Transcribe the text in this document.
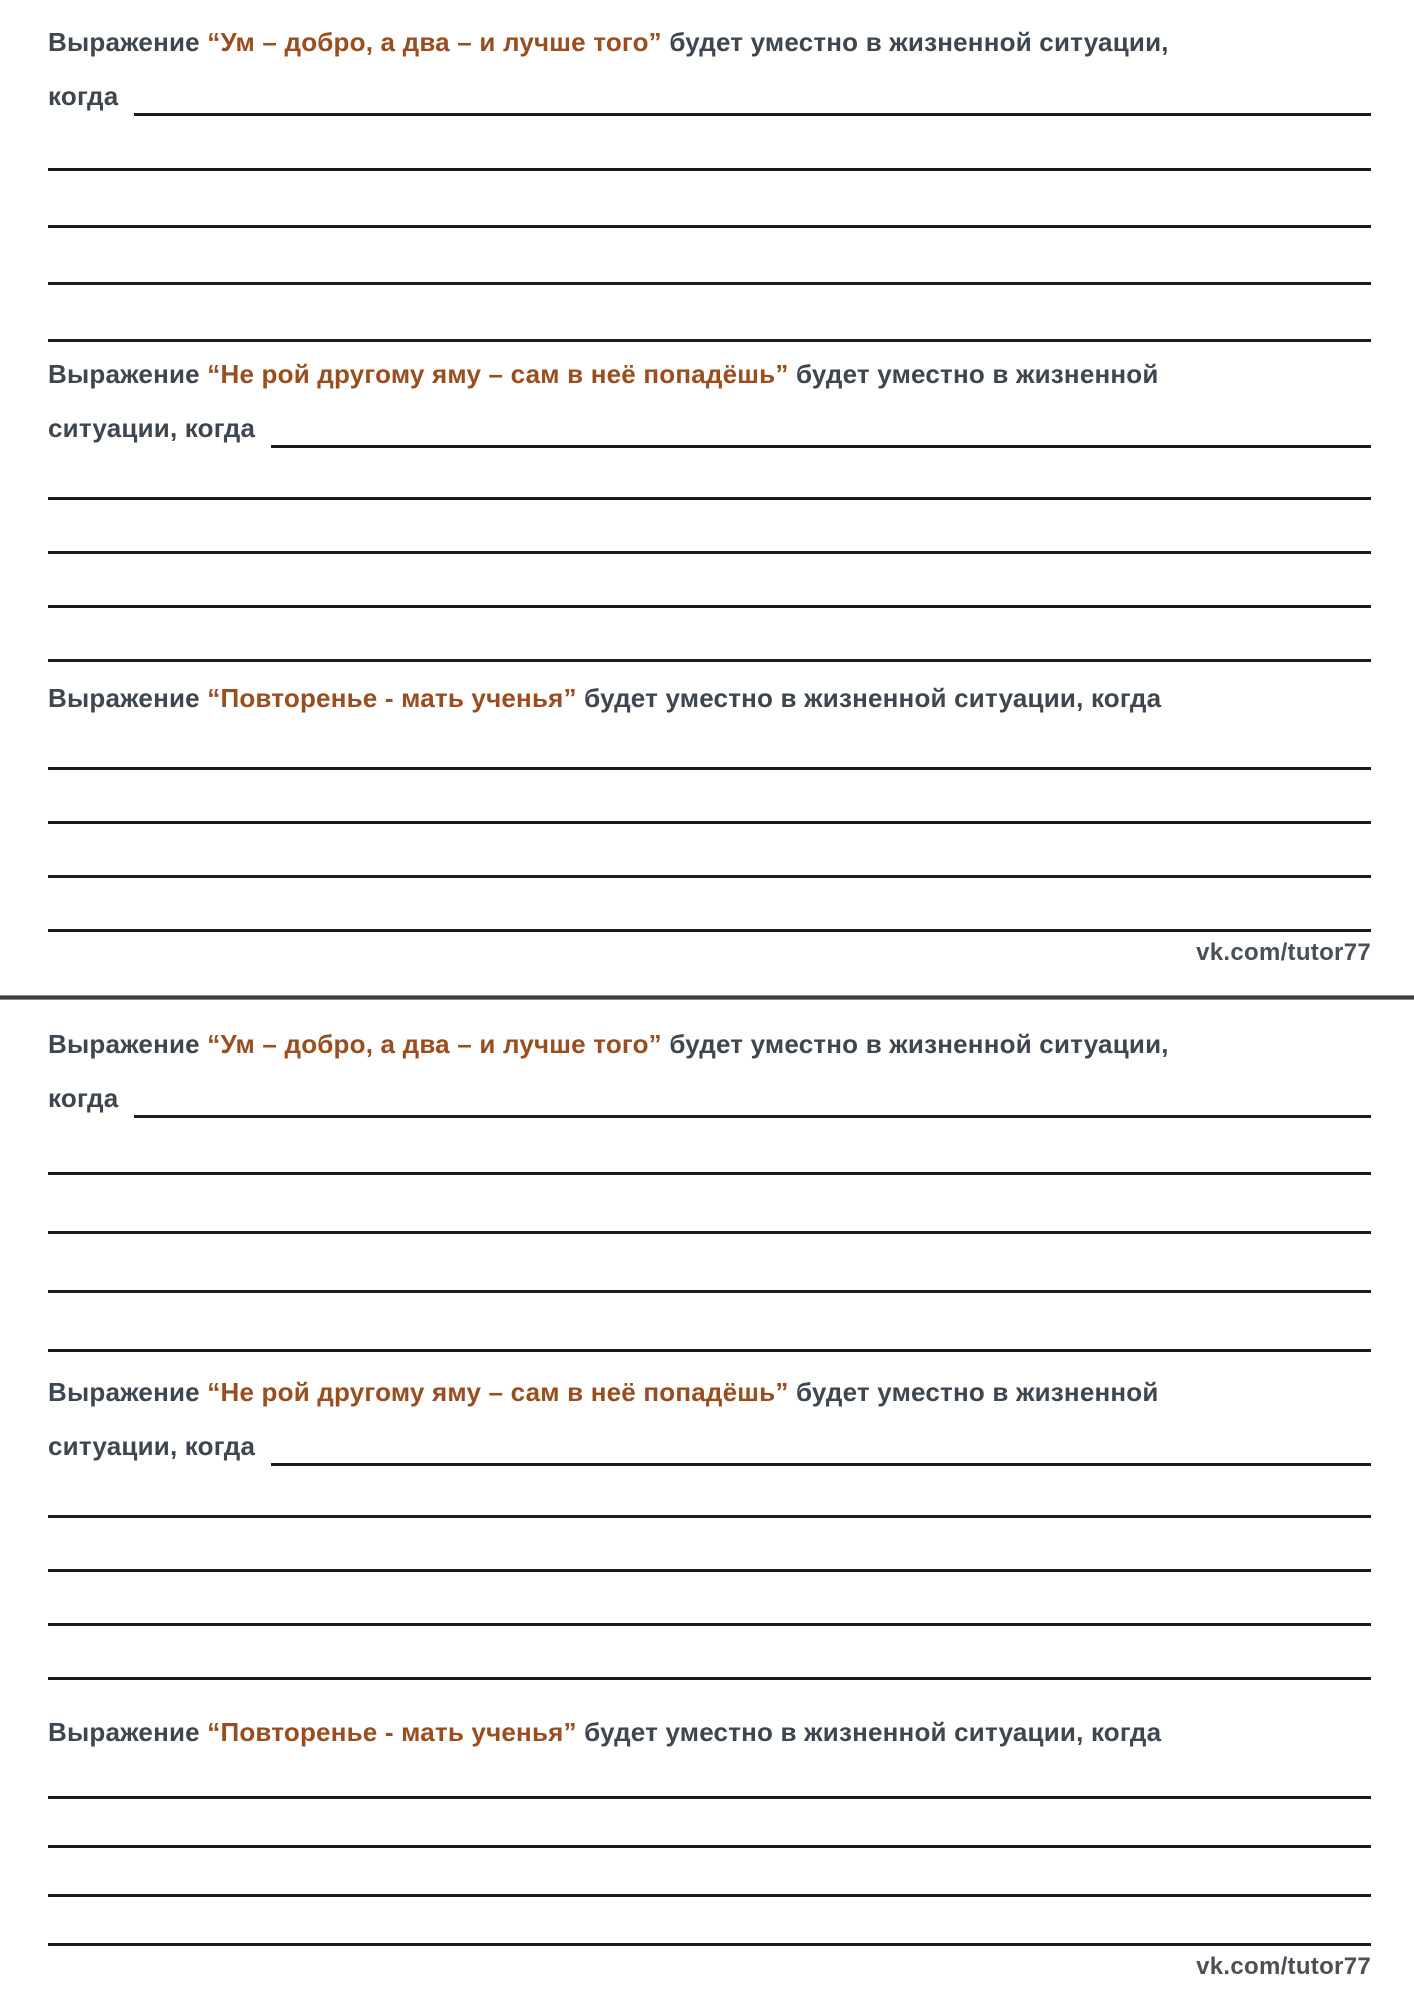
Выражение “Ум – добро, а два – и лучше того” будет уместно в жизненной ситуации,
когда
Выражение “Не рой другому яму – сам в неё попадёшь” будет уместно в жизненной
ситуации, когда
Выражение “Повторенье - мать ученья” будет уместно в жизненной ситуации, когда
vk.com/tutor77
Выражение “Ум – добро, а два – и лучше того” будет уместно в жизненной ситуации,
когда
Выражение “Не рой другому яму – сам в неё попадёшь” будет уместно в жизненной
ситуации, когда
Выражение “Повторенье - мать ученья” будет уместно в жизненной ситуации, когда
vk.com/tutor77
